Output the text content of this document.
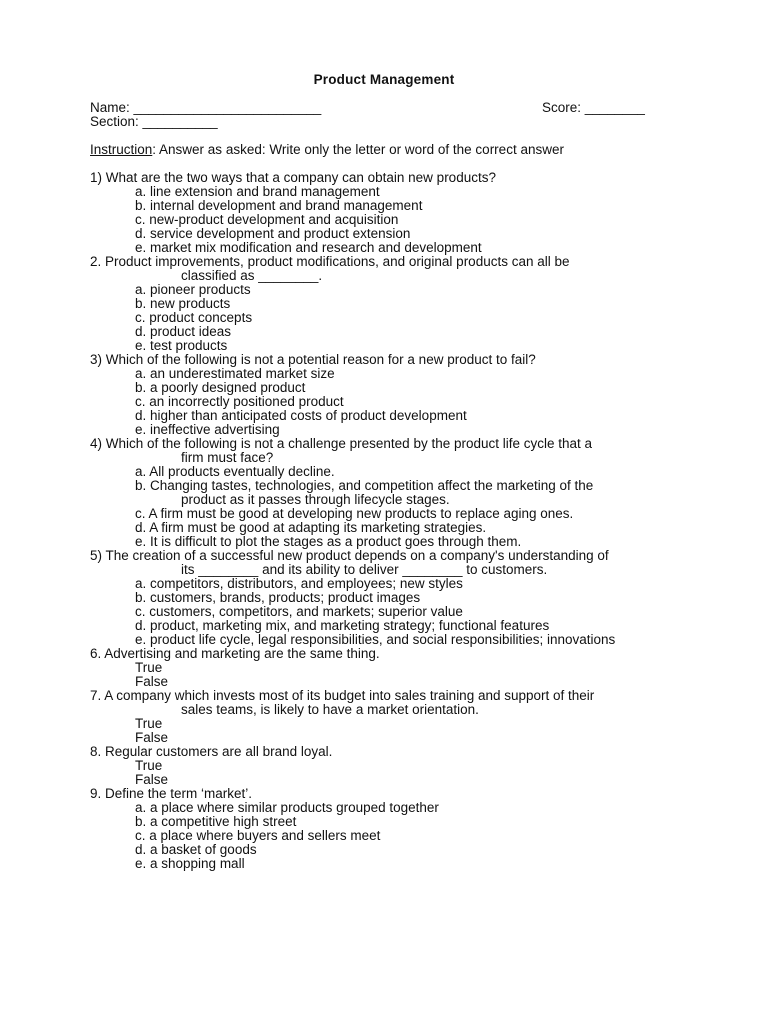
Product Management
Name: _________________________	Score: ________
Section: __________
Instruction: Answer as asked: Write only the letter or word of the correct answer
1) What are the two ways that a company can obtain new products?
a. line extension and brand management
b. internal development and brand management
c. new-product development and acquisition
d. service development and product extension
e. market mix modification and research and development
2. Product improvements, product modifications, and original products can all be
classified as ________.
a. pioneer products
b. new products
c. product concepts
d. product ideas
e. test products
3) Which of the following is not a potential reason for a new product to fail?
a. an underestimated market size
b. a poorly designed product
c. an incorrectly positioned product
d. higher than anticipated costs of product development
e. ineffective advertising
4) Which of the following is not a challenge presented by the product life cycle that a
firm must face?
a. All products eventually decline.
b. Changing tastes, technologies, and competition affect the marketing of the
product as it passes through lifecycle stages.
c. A firm must be good at developing new products to replace aging ones.
d. A firm must be good at adapting its marketing strategies.
e. It is difficult to plot the stages as a product goes through them.
5) The creation of a successful new product depends on a company's understanding of
its ________ and its ability to deliver ________ to customers.
a. competitors, distributors, and employees; new styles
b. customers, brands, products; product images
c. customers, competitors, and markets; superior value
d. product, marketing mix, and marketing strategy; functional features
e. product life cycle, legal responsibilities, and social responsibilities; innovations
6. Advertising and marketing are the same thing.
True
False
7. A company which invests most of its budget into sales training and support of their
sales teams, is likely to have a market orientation.
True
False
8. Regular customers are all brand loyal.
True
False
9. Define the term ‘market’.
a. a place where similar products grouped together
b. a competitive high street
c. a place where buyers and sellers meet
d. a basket of goods
e. a shopping mall
